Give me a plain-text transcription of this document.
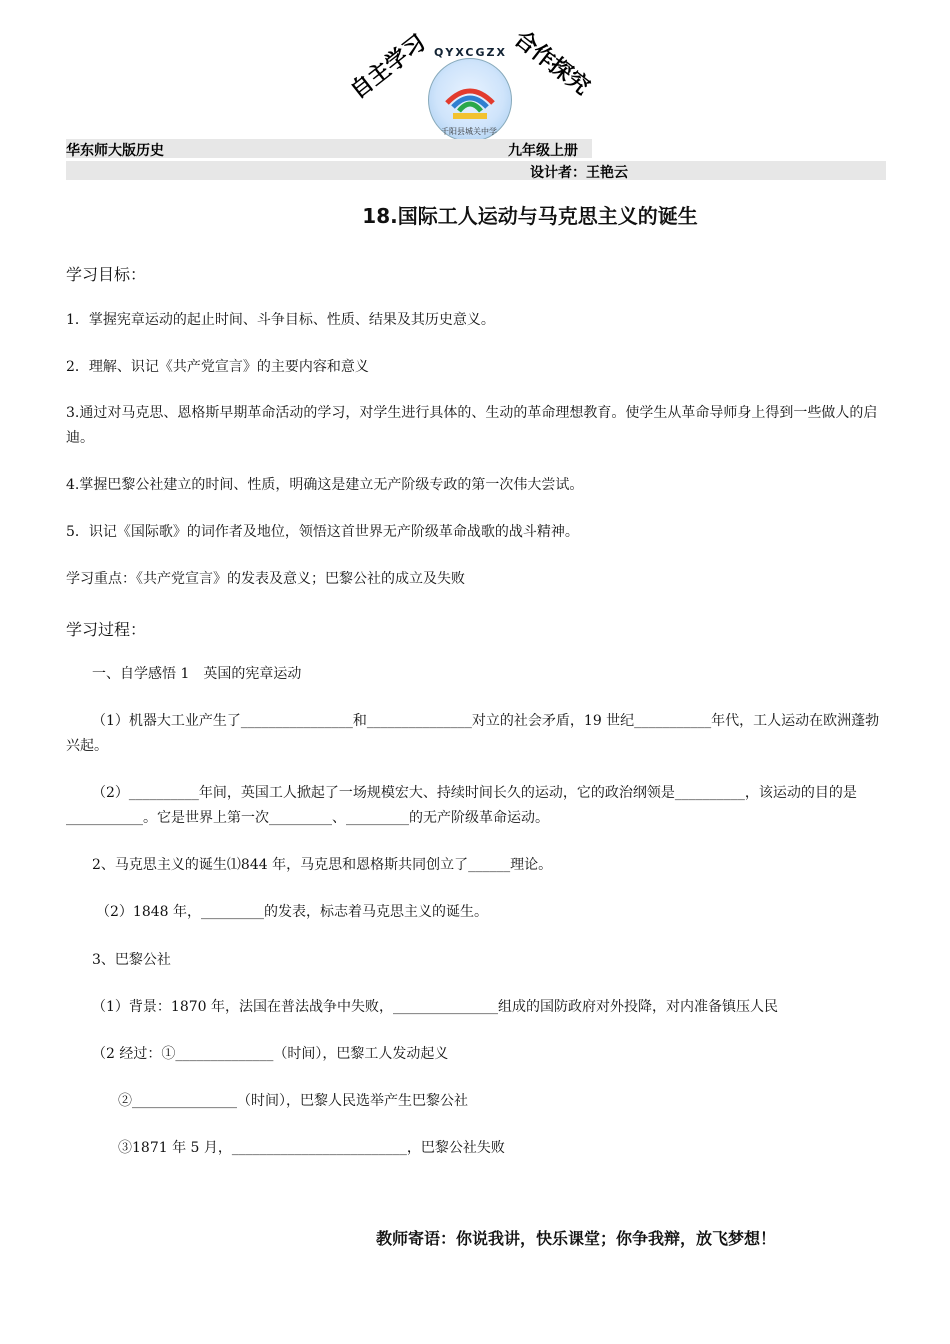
自主学习	合作探究
QYXCGZX
千阳县城关中学
华东师大版历史	九年级上册
设计者：王艳云
18.国际工人运动与马克思主义的诞生
学习目标：
1．掌握宪章运动的起止时间、斗争目标、性质、结果及其历史意义。
2．理解、识记《共产党宣言》的主要内容和意义
3.通过对马克思、恩格斯早期革命活动的学习，对学生进行具体的、生动的革命理想教育。使学生从革命导师身上得到一些做人的启迪。
4.掌握巴黎公社建立的时间、性质，明确这是建立无产阶级专政的第一次伟大尝试。
5．识记《国际歌》的词作者及地位，领悟这首世界无产阶级革命战歌的战斗精神。
学习重点：《共产党宣言》的发表及意义；巴黎公社的成立及失败
学习过程：
一、自学感悟 1　英国的宪章运动
（1）机器大工业产生了________________和_______________对立的社会矛盾，19 世纪___________年代，工人运动在欧洲蓬勃兴起。
（2）__________年间，英国工人掀起了一场规模宏大、持续时间长久的运动，它的政治纲领是__________，该运动的目的是___________。它是世界上第一次_________、_________的无产阶级革命运动。
2、马克思主义的诞生⑴844 年，马克思和恩格斯共同创立了______理论。
（2）1848 年，_________的发表，标志着马克思主义的诞生。
3、巴黎公社
（1）背景：1870 年，法国在普法战争中失败，_______________组成的国防政府对外投降，对内准备镇压人民
（2 经过：①______________（时间），巴黎工人发动起义
②_______________（时间），巴黎人民选举产生巴黎公社
③1871 年 5 月，_________________________，巴黎公社失败
教师寄语：你说我讲，快乐课堂；你争我辩，放飞梦想！
